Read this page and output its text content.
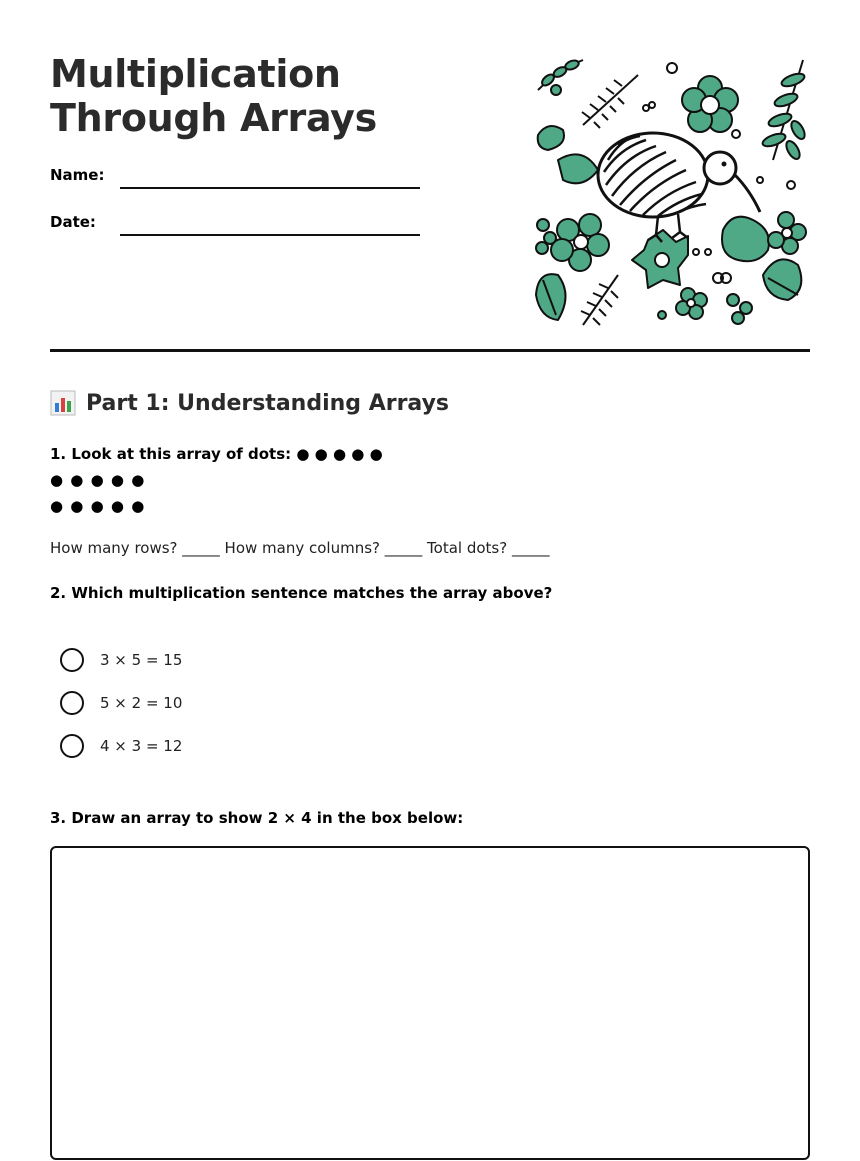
Multiplication Through Arrays
Name:
Date:
Part 1: Understanding Arrays
1. Look at this array of dots: ● ● ● ● ●
● ● ● ● ●
● ● ● ● ●
How many rows? _____ How many columns? _____ Total dots? _____
2. Which multiplication sentence matches the array above?
3 × 5 = 15
5 × 2 = 10
4 × 3 = 12
3. Draw an array to show 2 × 4 in the box below:
